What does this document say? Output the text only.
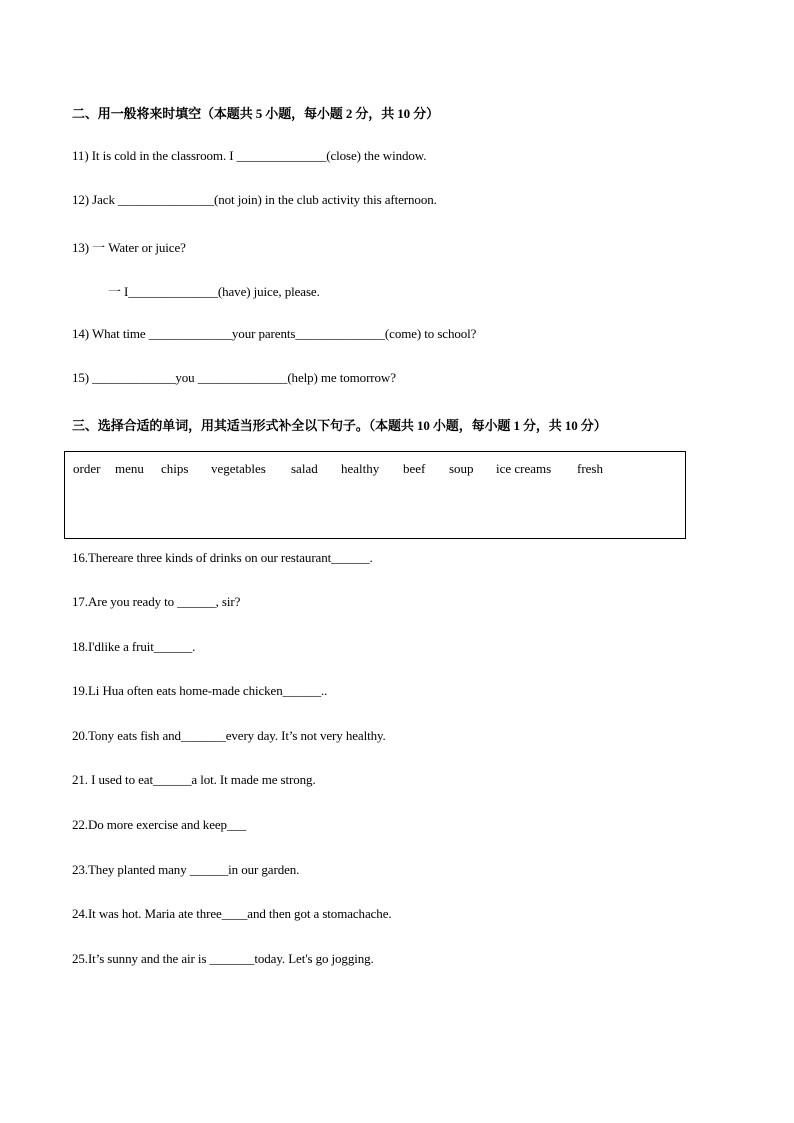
二、用一般将来时填空（本题共 5 小题，每小题 2 分，共 10 分）
11) It is cold in the classroom. I ______________(close) the window.
12) Jack _______________(not join) in the club activity this afternoon.
13) 一 Water or juice?
一 I______________(have) juice, please.
14) What time _____________your parents______________(come) to school?
15) _____________you ______________(help) me tomorrow?
三、选择合适的单词，用其适当形式补全以下句子。（本题共 10 小题，每小题 1 分，共 10 分）
order menu chips vegetables salad healthy beef soup ice creams fresh
16.Thereare three kinds of drinks on our restaurant______.
17.Are you ready to ______, sir?
18.I'dlike a fruit______.
19.Li Hua often eats home-made chicken______..
20.Tony eats fish and_______every day. It’s not very healthy.
21. I used to eat______a lot. It made me strong.
22.Do more exercise and keep___
23.They planted many ______in our garden.
24.It was hot. Maria ate three____and then got a stomachache.
25.It’s sunny and the air is _______today. Let's go jogging.
